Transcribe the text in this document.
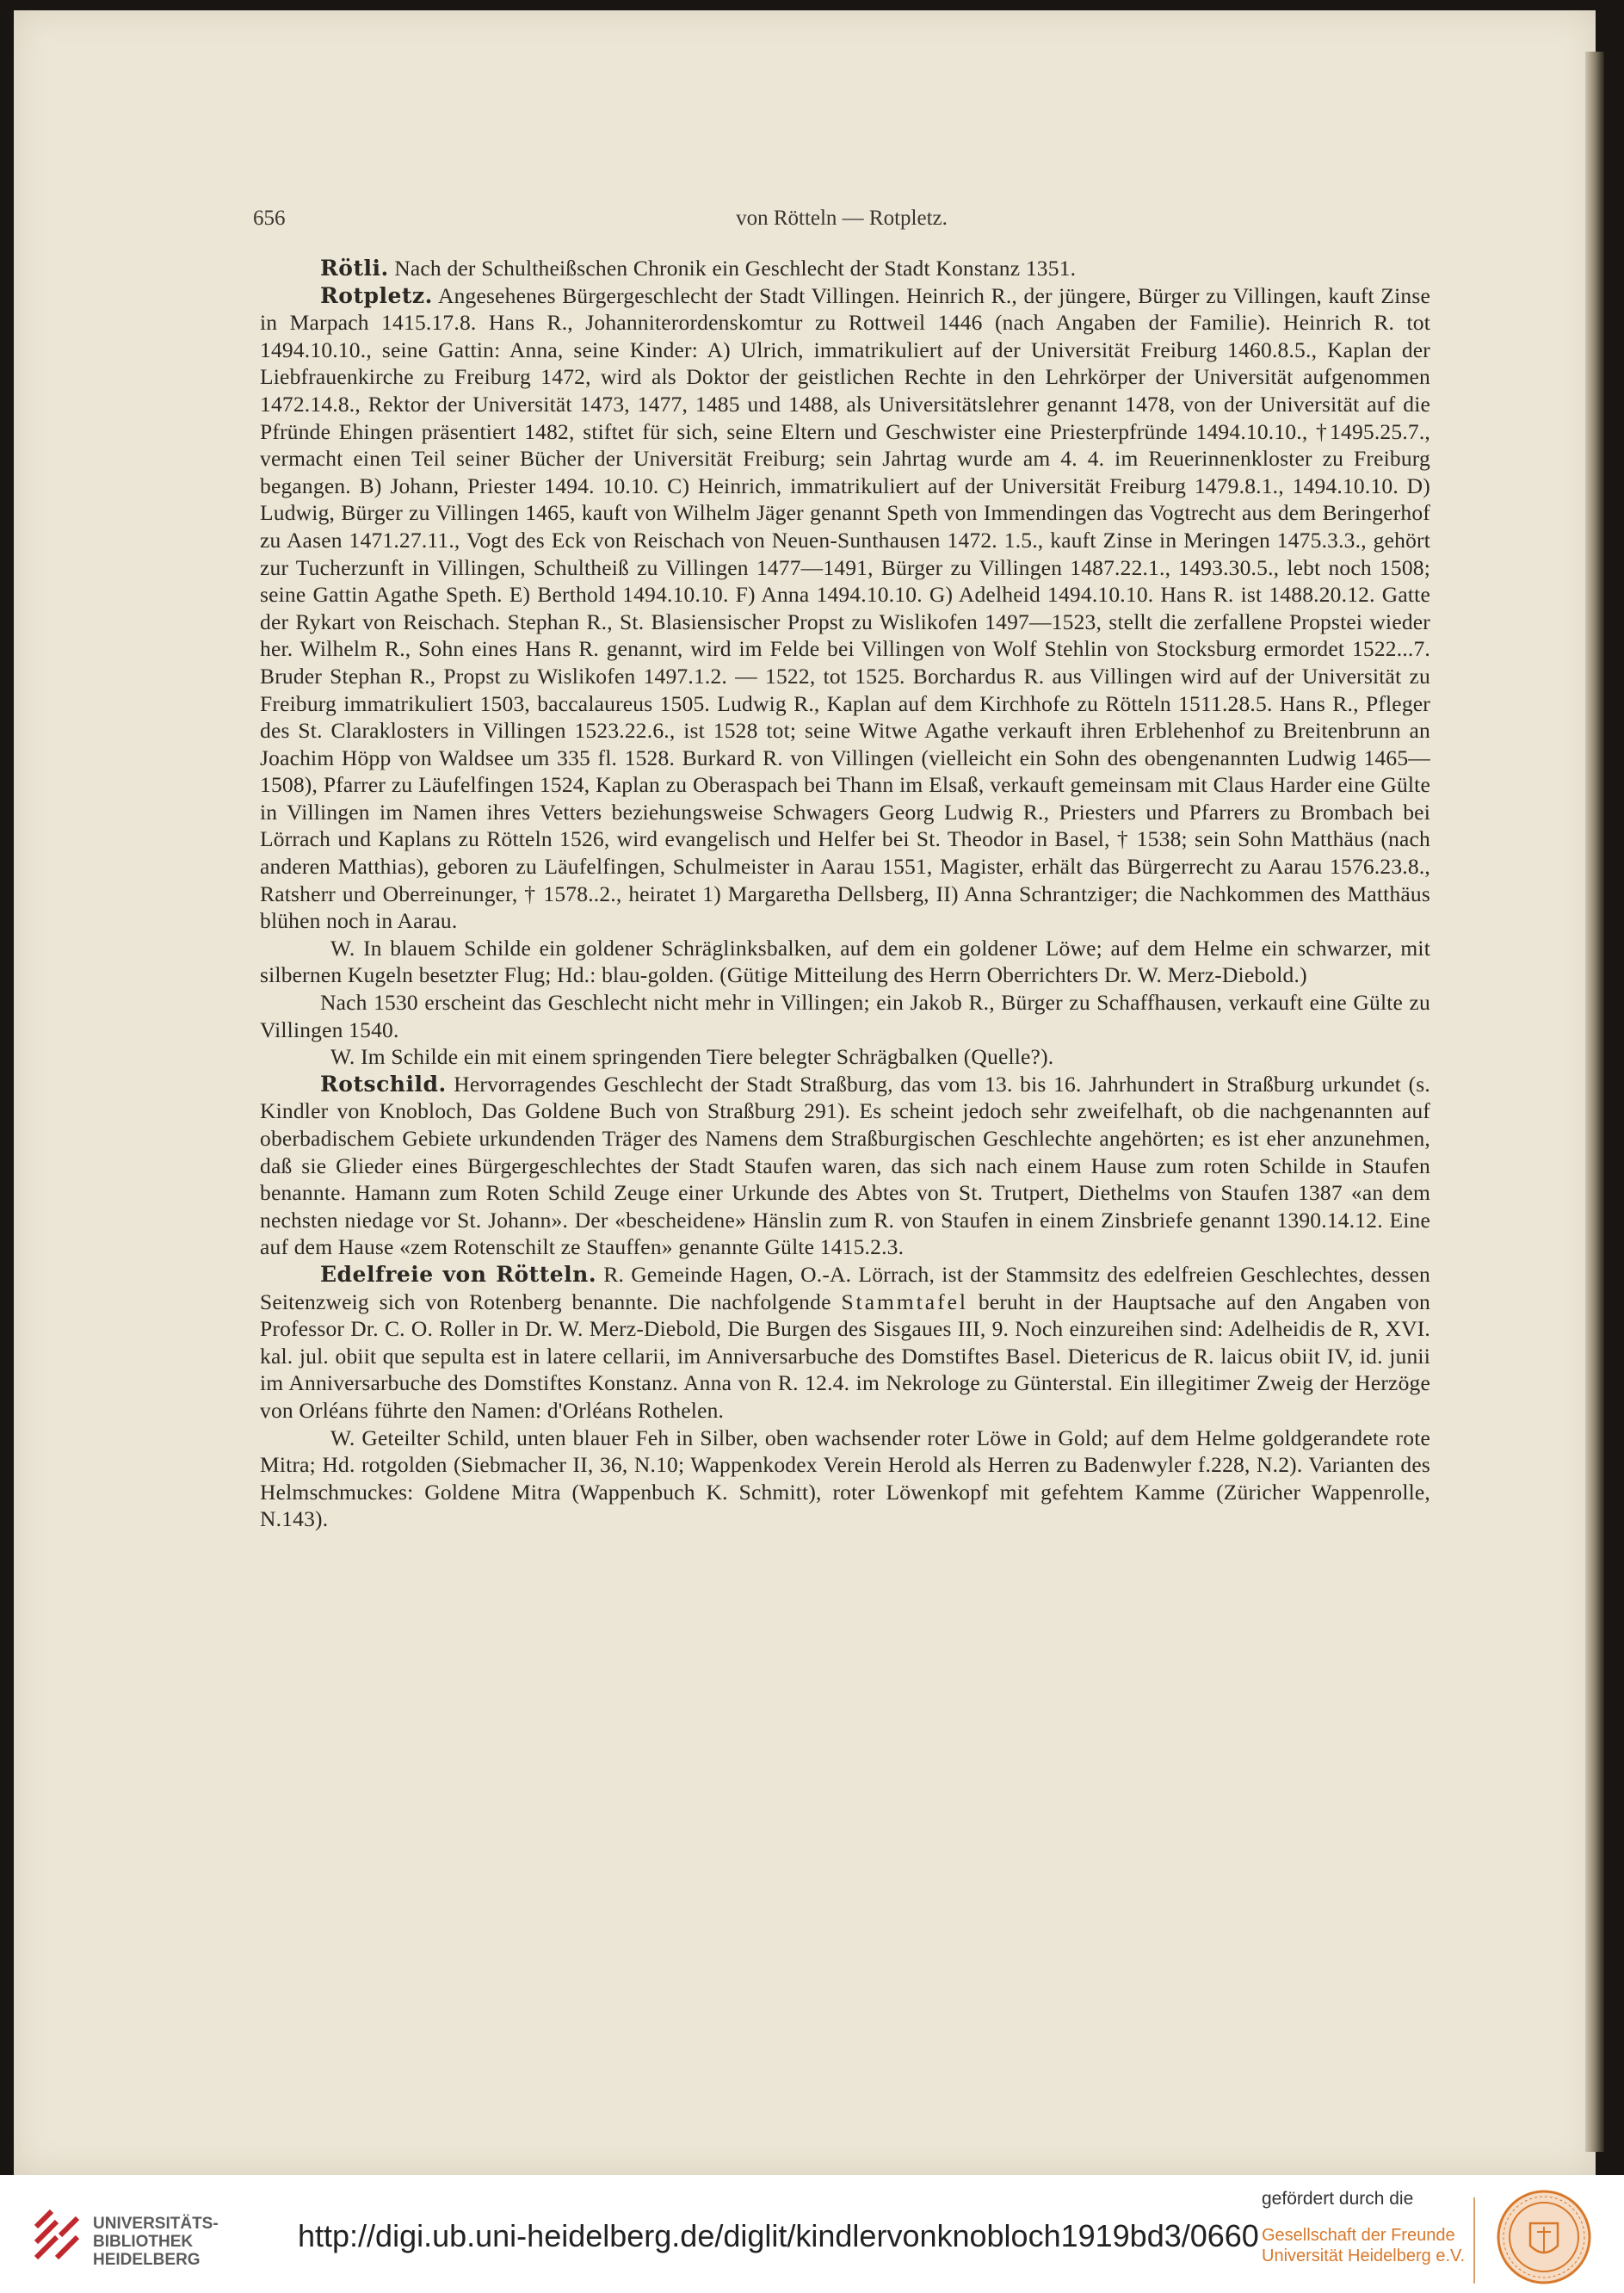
656	von Rötteln — Rotpletz.

Rötli. Nach der Schultheißschen Chronik ein Geschlecht der Stadt Konstanz 1351.

Rotpletz. Angesehenes Bürgergeschlecht der Stadt Villingen. Heinrich R., der jüngere, Bürger zu Villingen, kauft Zinse in Marpach 1415.17.8. Hans R., Johanniterordenskomtur zu Rottweil 1446 (nach Angaben der Familie). Heinrich R. tot 1494.10.10., seine Gattin: Anna, seine Kinder: A) Ulrich, immatrikuliert auf der Universität Freiburg 1460.8.5., Kaplan der Liebfrauenkirche zu Freiburg 1472, wird als Doktor der geistlichen Rechte in den Lehrkörper der Universität aufgenommen 1472.14.8., Rektor der Universität 1473, 1477, 1485 und 1488, als Universitätslehrer genannt 1478, von der Universität auf die Pfründe Ehingen präsentiert 1482, stiftet für sich, seine Eltern und Geschwister eine Priesterpfründe 1494.10.10., †1495.25.7., vermacht einen Teil seiner Bücher der Universität Freiburg; sein Jahrtag wurde am 4. 4. im Reuerinnenkloster zu Freiburg begangen. B) Johann, Priester 1494. 10.10. C) Heinrich, immatrikuliert auf der Universität Freiburg 1479.8.1., 1494.10.10. D) Ludwig, Bürger zu Villingen 1465, kauft von Wilhelm Jäger genannt Speth von Immendingen das Vogtrecht aus dem Beringerhof zu Aasen 1471.27.11., Vogt des Eck von Reischach von Neuen-Sunthausen 1472. 1.5., kauft Zinse in Meringen 1475.3.3., gehört zur Tucherzunft in Villingen, Schultheiß zu Villingen 1477—1491, Bürger zu Villingen 1487.22.1., 1493.30.5., lebt noch 1508; seine Gattin Agathe Speth. E) Berthold 1494.10.10. F) Anna 1494.10.10. G) Adelheid 1494.10.10. Hans R. ist 1488.20.12. Gatte der Rykart von Reischach. Stephan R., St. Blasiensischer Propst zu Wislikofen 1497—1523, stellt die zerfallene Propstei wieder her. Wilhelm R., Sohn eines Hans R. genannt, wird im Felde bei Villingen von Wolf Stehlin von Stocksburg ermordet 1522...7. Bruder Stephan R., Propst zu Wislikofen 1497.1.2. — 1522, tot 1525. Borchardus R. aus Villingen wird auf der Universität zu Freiburg immatrikuliert 1503, baccalaureus 1505. Ludwig R., Kaplan auf dem Kirchhofe zu Rötteln 1511.28.5. Hans R., Pfleger des St. Claraklosters in Villingen 1523.22.6., ist 1528 tot; seine Witwe Agathe verkauft ihren Erblehenhof zu Breitenbrunn an Joachim Höpp von Waldsee um 335 fl. 1528. Burkard R. von Villingen (vielleicht ein Sohn des obengenannten Ludwig 1465—1508), Pfarrer zu Läufelfingen 1524, Kaplan zu Oberaspach bei Thann im Elsaß, verkauft gemeinsam mit Claus Harder eine Gülte in Villingen im Namen ihres Vetters beziehungsweise Schwagers Georg Ludwig R., Priesters und Pfarrers zu Brombach bei Lörrach und Kaplans zu Rötteln 1526, wird evangelisch und Helfer bei St. Theodor in Basel, † 1538; sein Sohn Matthäus (nach anderen Matthias), geboren zu Läufelfingen, Schulmeister in Aarau 1551, Magister, erhält das Bürgerrecht zu Aarau 1576.23.8., Ratsherr und Oberreinunger, † 1578..2., heiratet 1) Margaretha Dellsberg, II) Anna Schrantziger; die Nachkommen des Matthäus blühen noch in Aarau.

W. In blauem Schilde ein goldener Schräglinksbalken, auf dem ein goldener Löwe; auf dem Helme ein schwarzer, mit silbernen Kugeln besetzter Flug; Hd.: blau-golden. (Gütige Mitteilung des Herrn Oberrichters Dr. W. Merz-Diebold.)

Nach 1530 erscheint das Geschlecht nicht mehr in Villingen; ein Jakob R., Bürger zu Schaffhausen, verkauft eine Gülte zu Villingen 1540.

W. Im Schilde ein mit einem springenden Tiere belegter Schrägbalken (Quelle?).

Rotschild. Hervorragendes Geschlecht der Stadt Straßburg, das vom 13. bis 16. Jahrhundert in Straßburg urkundet (s. Kindler von Knobloch, Das Goldene Buch von Straßburg 291). Es scheint jedoch sehr zweifelhaft, ob die nachgenannten auf oberbadischem Gebiete urkundenden Träger des Namens dem Straßburgischen Geschlechte angehörten; es ist eher anzunehmen, daß sie Glieder eines Bürgergeschlechtes der Stadt Staufen waren, das sich nach einem Hause zum roten Schilde in Staufen benannte. Hamann zum Roten Schild Zeuge einer Urkunde des Abtes von St. Trutpert, Diethelms von Staufen 1387 «an dem nechsten niedage vor St. Johann». Der «bescheidene» Hänslin zum R. von Staufen in einem Zinsbriefe genannt 1390.14.12. Eine auf dem Hause «zem Rotenschilt ze Stauffen» genannte Gülte 1415.2.3.

Edelfreie von Rötteln. R. Gemeinde Hagen, O.-A. Lörrach, ist der Stammsitz des edelfreien Geschlechtes, dessen Seitenzweig sich von Rotenberg benannte. Die nachfolgende Stammtafel beruht in der Hauptsache auf den Angaben von Professor Dr. C. O. Roller in Dr. W. Merz-Diebold, Die Burgen des Sisgaues III, 9. Noch einzureihen sind: Adelheidis de R, XVI. kal. jul. obiit que sepulta est in latere cellarii, im Anniversarbuche des Domstiftes Basel. Dietericus de R. laicus obiit IV, id. junii im Anniversarbuche des Domstiftes Konstanz. Anna von R. 12.4. im Nekrologe zu Günterstal. Ein illegitimer Zweig der Herzöge von Orléans führte den Namen: d'Orléans Rothelen.

W. Geteilter Schild, unten blauer Feh in Silber, oben wachsender roter Löwe in Gold; auf dem Helme goldgerandete rote Mitra; Hd. rotgolden (Siebmacher II, 36, N.10; Wappenkodex Verein Herold als Herren zu Badenwyler f.228, N.2). Varianten des Helmschmuckes: Goldene Mitra (Wappenbuch K. Schmitt), roter Löwenkopf mit gefehtem Kamme (Züricher Wappenrolle, N.143).

UNIVERSITÄTS-
BIBLIOTHEK
HEIDELBERG
http://digi.ub.uni-heidelberg.de/diglit/kindlervonknobloch1919bd3/0660
gefördert durch die
Gesellschaft der Freunde
Universität Heidelberg e.V.
